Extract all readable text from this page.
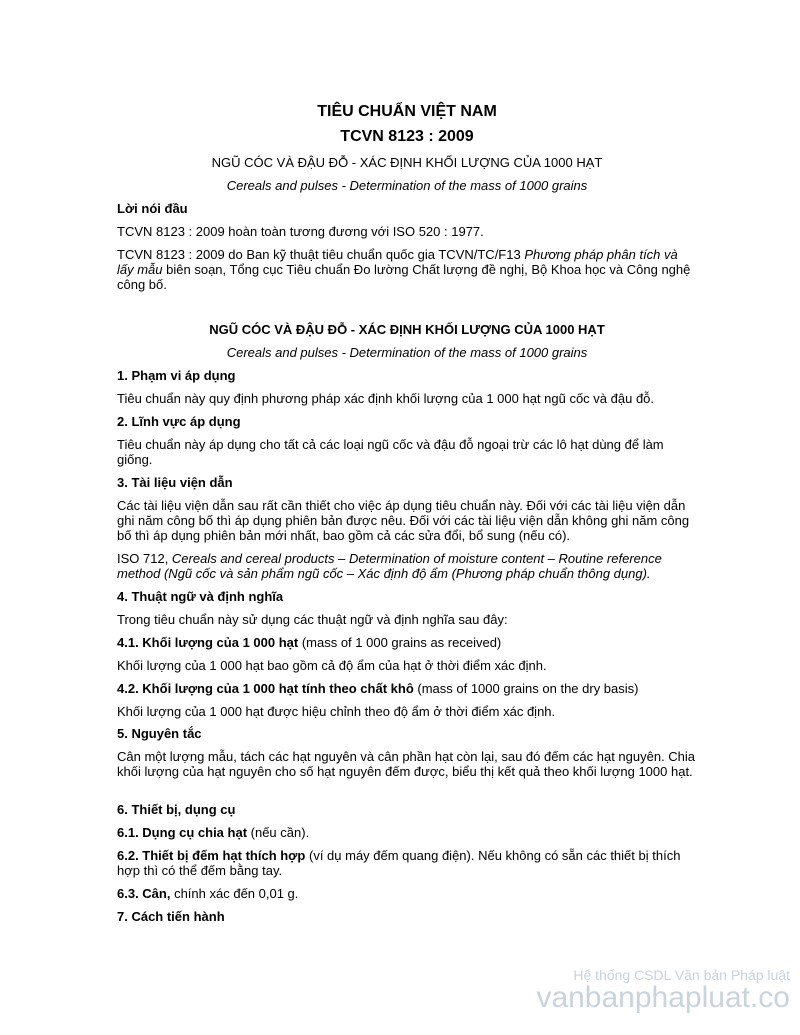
TIÊU CHUẨN VIỆT NAM

TCVN 8123 : 2009

NGŨ CÓC VÀ ĐẬU ĐỖ - XÁC ĐỊNH KHỐI LƯỢNG CỦA 1000 HẠT

Cereals and pulses - Determination of the mass of 1000 grains

Lời nói đầu

TCVN 8123 : 2009 hoàn toàn tương đương với ISO 520 : 1977.

TCVN 8123 : 2009 do Ban kỹ thuật tiêu chuẩn quốc gia TCVN/TC/F13 Phương pháp phân tích và lấy mẫu biên soạn, Tổng cục Tiêu chuẩn Đo lường Chất lượng đề nghị, Bộ Khoa học và Công nghệ công bố.

NGŨ CÓC VÀ ĐẬU ĐỖ - XÁC ĐỊNH KHỐI LƯỢNG CỦA 1000 HẠT

Cereals and pulses - Determination of the mass of 1000 grains

1. Phạm vi áp dụng

Tiêu chuẩn này quy định phương pháp xác định khối lượng của 1 000 hạt ngũ cốc và đậu đỗ.

2. Lĩnh vực áp dụng

Tiêu chuẩn này áp dụng cho tất cả các loại ngũ cốc và đậu đỗ ngoại trừ các lô hạt dùng để làm giống.

3. Tài liệu viện dẫn

Các tài liệu viện dẫn sau rất cần thiết cho việc áp dụng tiêu chuẩn này. Đối với các tài liệu viện dẫn ghi năm công bố thì áp dụng phiên bản được nêu. Đối với các tài liệu viện dẫn không ghi năm công bố thì áp dụng phiên bản mới nhất, bao gồm cả các sửa đổi, bổ sung (nếu có).

ISO 712, Cereals and cereal products – Determination of moisture content – Routine reference method (Ngũ cốc và sản phẩm ngũ cốc – Xác định độ ẩm (Phương pháp chuẩn thông dụng).

4. Thuật ngữ và định nghĩa

Trong tiêu chuẩn này sử dụng các thuật ngữ và định nghĩa sau đây:

4.1. Khối lượng của 1 000 hạt (mass of 1 000 grains as received)

Khối lượng của 1 000 hạt bao gồm cả độ ẩm của hạt ở thời điểm xác định.

4.2. Khối lượng của 1 000 hạt tính theo chất khô (mass of 1000 grains on the dry basis)

Khối lượng của 1 000 hạt được hiệu chỉnh theo độ ẩm ở thời điểm xác định.

5. Nguyên tắc

Cân một lượng mẫu, tách các hạt nguyên và cân phần hạt còn lại, sau đó đếm các hạt nguyên. Chia khối lượng của hạt nguyên cho số hạt nguyên đếm được, biểu thị kết quả theo khối lượng 1000 hạt.

6. Thiết bị, dụng cụ

6.1. Dụng cụ chia hạt (nếu cần).

6.2. Thiết bị đếm hạt thích hợp (ví dụ máy đếm quang điện). Nếu không có sẵn các thiết bị thích hợp thì có thể đếm bằng tay.

6.3. Cân, chính xác đến 0,01 g.

7. Cách tiến hành

Hệ thống CSDL Văn bản Pháp luật
vanbanphapluat.co
